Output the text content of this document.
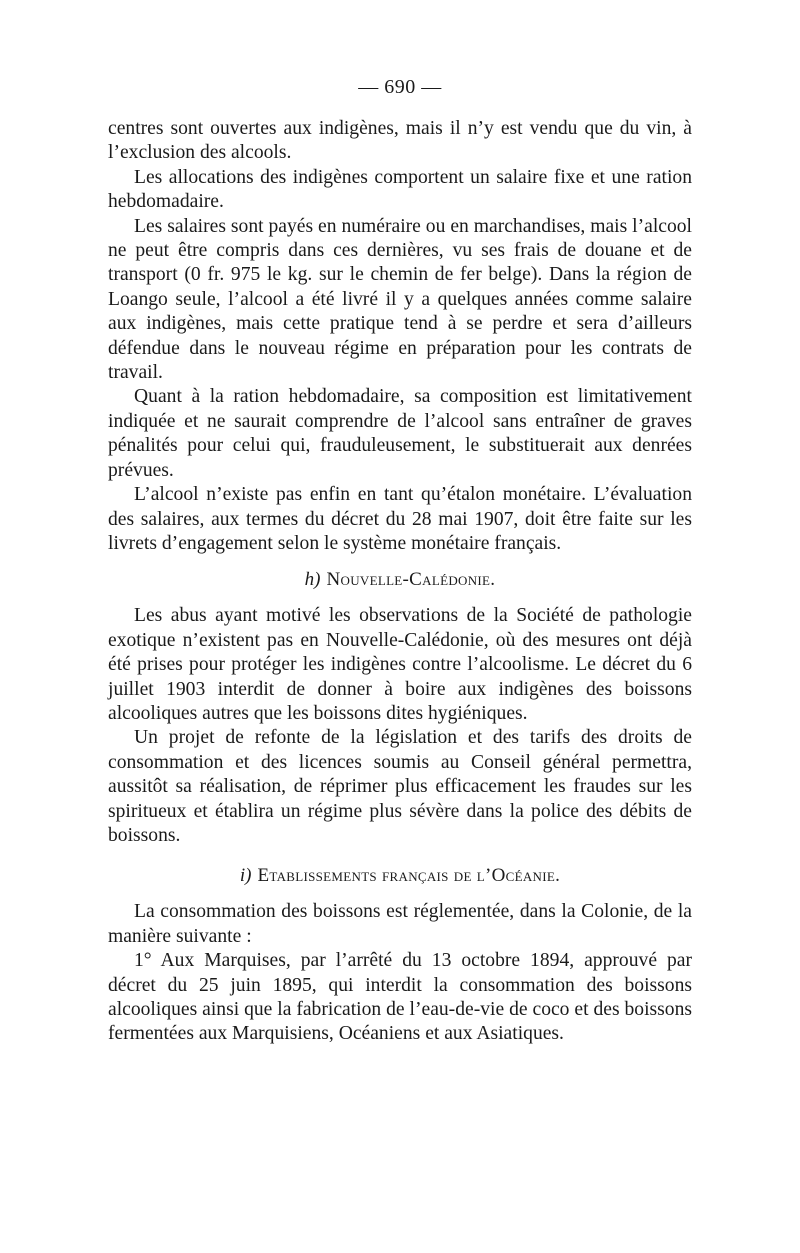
— 690 —

centres sont ouvertes aux indigènes, mais il n’y est vendu que du vin, à l’exclusion des alcools.

Les allocations des indigènes comportent un salaire fixe et une ration hebdomadaire.

Les salaires sont payés en numéraire ou en marchandises, mais l’alcool ne peut être compris dans ces dernières, vu ses frais de douane et de transport (0 fr. 975 le kg. sur le chemin de fer belge). Dans la région de Loango seule, l’alcool a été livré il y a quelques années comme salaire aux indigènes, mais cette pratique tend à se perdre et sera d’ailleurs défendue dans le nouveau régime en préparation pour les contrats de travail.

Quant à la ration hebdomadaire, sa composition est limitativement indiquée et ne saurait comprendre de l’alcool sans entraîner de graves pénalités pour celui qui, frauduleusement, le substituerait aux denrées prévues.

L’alcool n’existe pas enfin en tant qu’étalon monétaire. L’évaluation des salaires, aux termes du décret du 28 mai 1907, doit être faite sur les livrets d’engagement selon le système monétaire français.

h) Nouvelle-Calédonie.

Les abus ayant motivé les observations de la Société de pathologie exotique n’existent pas en Nouvelle-Calédonie, où des mesures ont déjà été prises pour protéger les indigènes contre l’alcoolisme. Le décret du 6 juillet 1903 interdit de donner à boire aux indigènes des boissons alcooliques autres que les boissons dites hygiéniques.

Un projet de refonte de la législation et des tarifs des droits de consommation et des licences soumis au Conseil général permettra, aussitôt sa réalisation, de réprimer plus efficacement les fraudes sur les spiritueux et établira un régime plus sévère dans la police des débits de boissons.

i) Etablissements français de l’Océanie.

La consommation des boissons est réglementée, dans la Colonie, de la manière suivante :

1° Aux Marquises, par l’arrêté du 13 octobre 1894, approuvé par décret du 25 juin 1895, qui interdit la consommation des boissons alcooliques ainsi que la fabrication de l’eau-de-vie de coco et des boissons fermentées aux Marquisiens, Océaniens et aux Asiatiques.
